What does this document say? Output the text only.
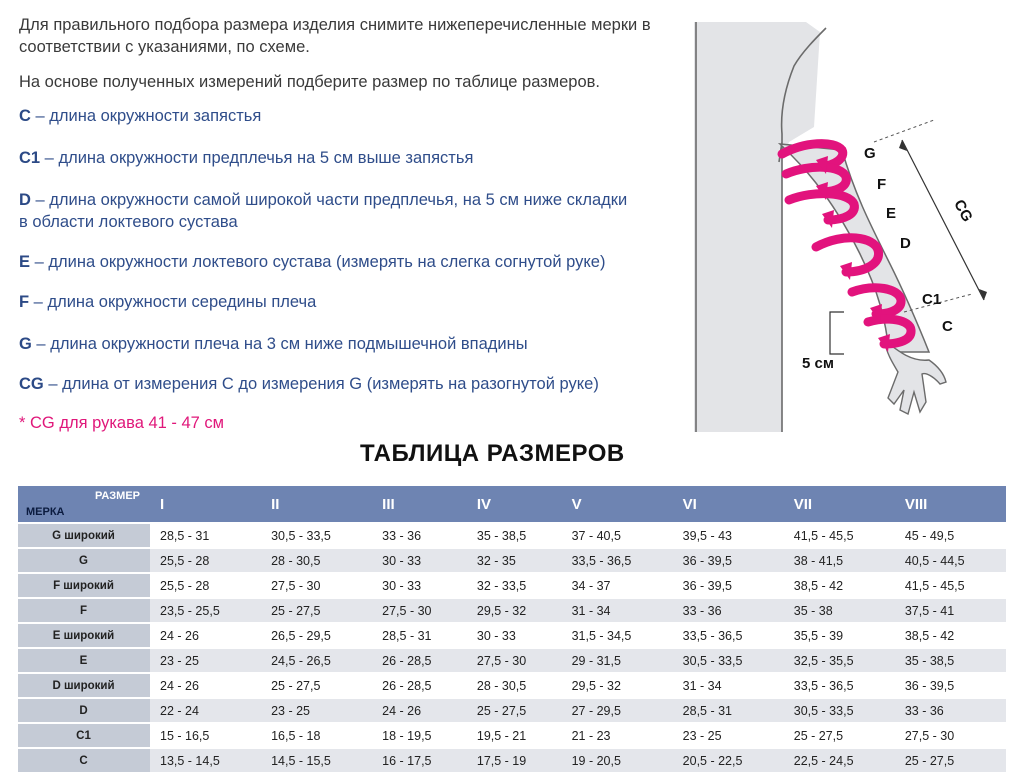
Для правильного подбора размера изделия снимите нижеперечисленные мерки в соответствии с указаниями, по схеме.

На основе полученных измерений подберите размер по таблице размеров.

C – длина окружности запястья
C1 – длина окружности предплечья на 5 см выше запястья
D – длина окружности самой широкой части предплечья, на 5 см ниже складки в области локтевого сустава
E – длина окружности локтевого сустава (измерять на слегка согнутой руке)
F – длина окружности середины плеча
G – длина окружности плеча на 3 см ниже подмышечной впадины
CG – длина от измерения C до измерения G (измерять на разогнутой руке)
* CG для рукава 41 - 47 см
G
F
E
D
C1
C
CG
5 см
ТАБЛИЦА РАЗМЕРОВ
РАЗМЕР
МЕРКА	I	II	III	IV	V	VI	VII	VIII
G широкий	28,5 - 31	30,5 - 33,5	33 - 36	35 - 38,5	37 - 40,5	39,5 - 43	41,5 - 45,5	45 - 49,5
G	25,5 - 28	28 - 30,5	30 - 33	32 - 35	33,5 - 36,5	36 - 39,5	38 - 41,5	40,5 - 44,5
F широкий	25,5 - 28	27,5 - 30	30 - 33	32 - 33,5	34 - 37	36 - 39,5	38,5 - 42	41,5 - 45,5
F	23,5 - 25,5	25 - 27,5	27,5 - 30	29,5 - 32	31 - 34	33 - 36	35 - 38	37,5 - 41
E широкий	24 - 26	26,5 - 29,5	28,5 - 31	30 - 33	31,5 - 34,5	33,5 - 36,5	35,5 - 39	38,5 - 42
E	23 - 25	24,5 - 26,5	26 - 28,5	27,5 - 30	29 - 31,5	30,5 - 33,5	32,5 - 35,5	35 - 38,5
D широкий	24 - 26	25 - 27,5	26 - 28,5	28 - 30,5	29,5 - 32	31 - 34	33,5 - 36,5	36 - 39,5
D	22 - 24	23 - 25	24 - 26	25 - 27,5	27 - 29,5	28,5 - 31	30,5 - 33,5	33 - 36
C1	15 - 16,5	16,5 - 18	18 - 19,5	19,5 - 21	21 - 23	23 - 25	25 - 27,5	27,5 - 30
C	13,5 - 14,5	14,5 - 15,5	16 - 17,5	17,5 - 19	19 - 20,5	20,5 - 22,5	22,5 - 24,5	25 - 27,5
